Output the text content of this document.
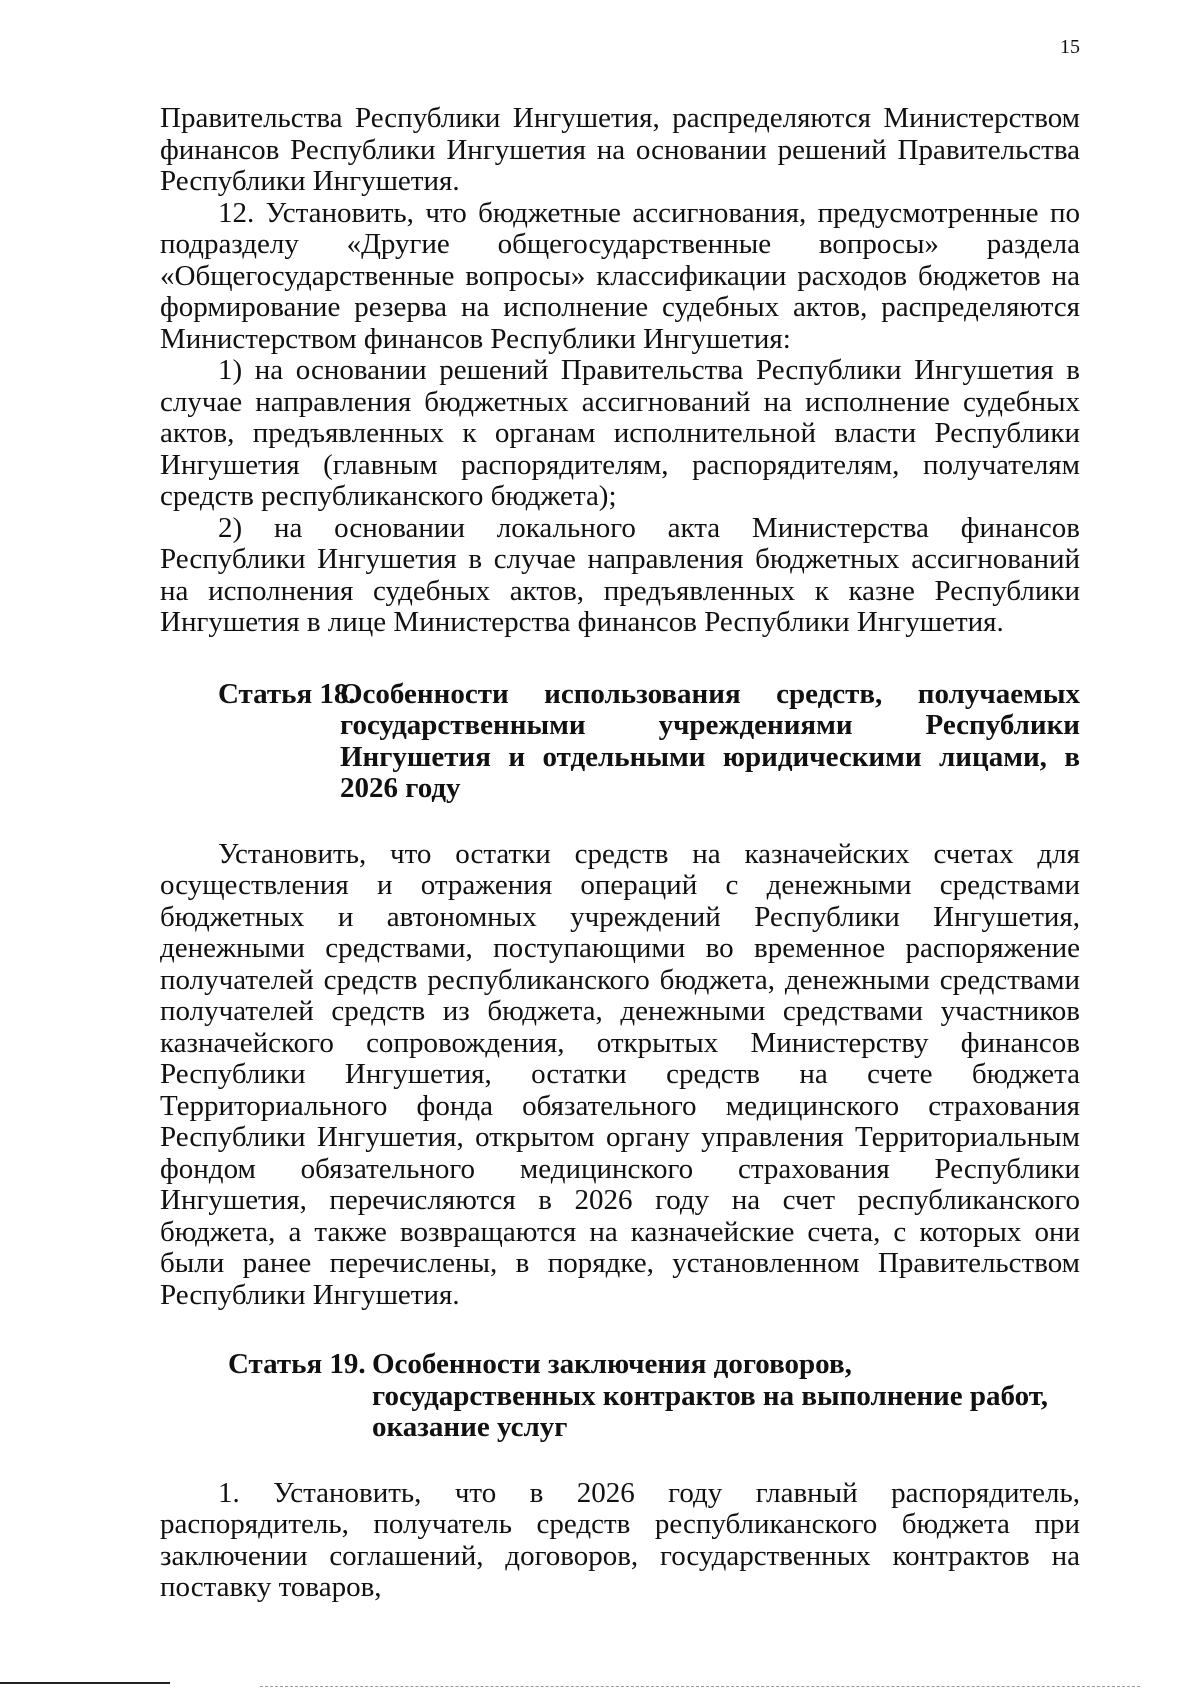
15

Правительства Республики Ингушетия, распределяются Министерством финансов Республики Ингушетия на основании решений Правительства Республики Ингушетия.

12. Установить, что бюджетные ассигнования, предусмотренные по подразделу «Другие общегосударственные вопросы» раздела «Общегосударственные вопросы» классификации расходов бюджетов на формирование резерва на исполнение судебных актов, распределяются Министерством финансов Республики Ингушетия:

1) на основании решений Правительства Республики Ингушетия в случае направления бюджетных ассигнований на исполнение судебных актов, предъявленных к органам исполнительной власти Республики Ингушетия (главным распорядителям, распорядителям, получателям средств республиканского бюджета);

2) на основании локального акта Министерства финансов Республики Ингушетия в случае направления бюджетных ассигнований на исполнения судебных актов, предъявленных к казне Республики Ингушетия в лице Министерства финансов Республики Ингушетия.

Статья 18.
Особенности использования средств, получаемых государственными учреждениями Республики Ингушетия и отдельными юридическими лицами, в 2026 году

Установить, что остатки средств на казначейских счетах для осуществления и отражения операций с денежными средствами бюджетных и автономных учреждений Республики Ингушетия, денежными средствами, поступающими во временное распоряжение получателей средств республиканского бюджета, денежными средствами получателей средств из бюджета, денежными средствами участников казначейского сопровождения, открытых Министерству финансов Республики Ингушетия, остатки средств на счете бюджета Территориального фонда обязательного медицинского страхования Республики Ингушетия, открытом органу управления Территориальным фондом обязательного медицинского страхования Республики Ингушетия, перечисляются в 2026 году на счет республиканского бюджета, а также возвращаются на казначейские счета, с которых они были ранее перечислены, в порядке, установленном Правительством Республики Ингушетия.

Статья 19. Особенности заключения договоров, государственных контрактов на выполнение работ, оказание услуг

1. Установить, что в 2026 году главный распорядитель, распорядитель, получатель средств республиканского бюджета при заключении соглашений, договоров, государственных контрактов на поставку товаров,
